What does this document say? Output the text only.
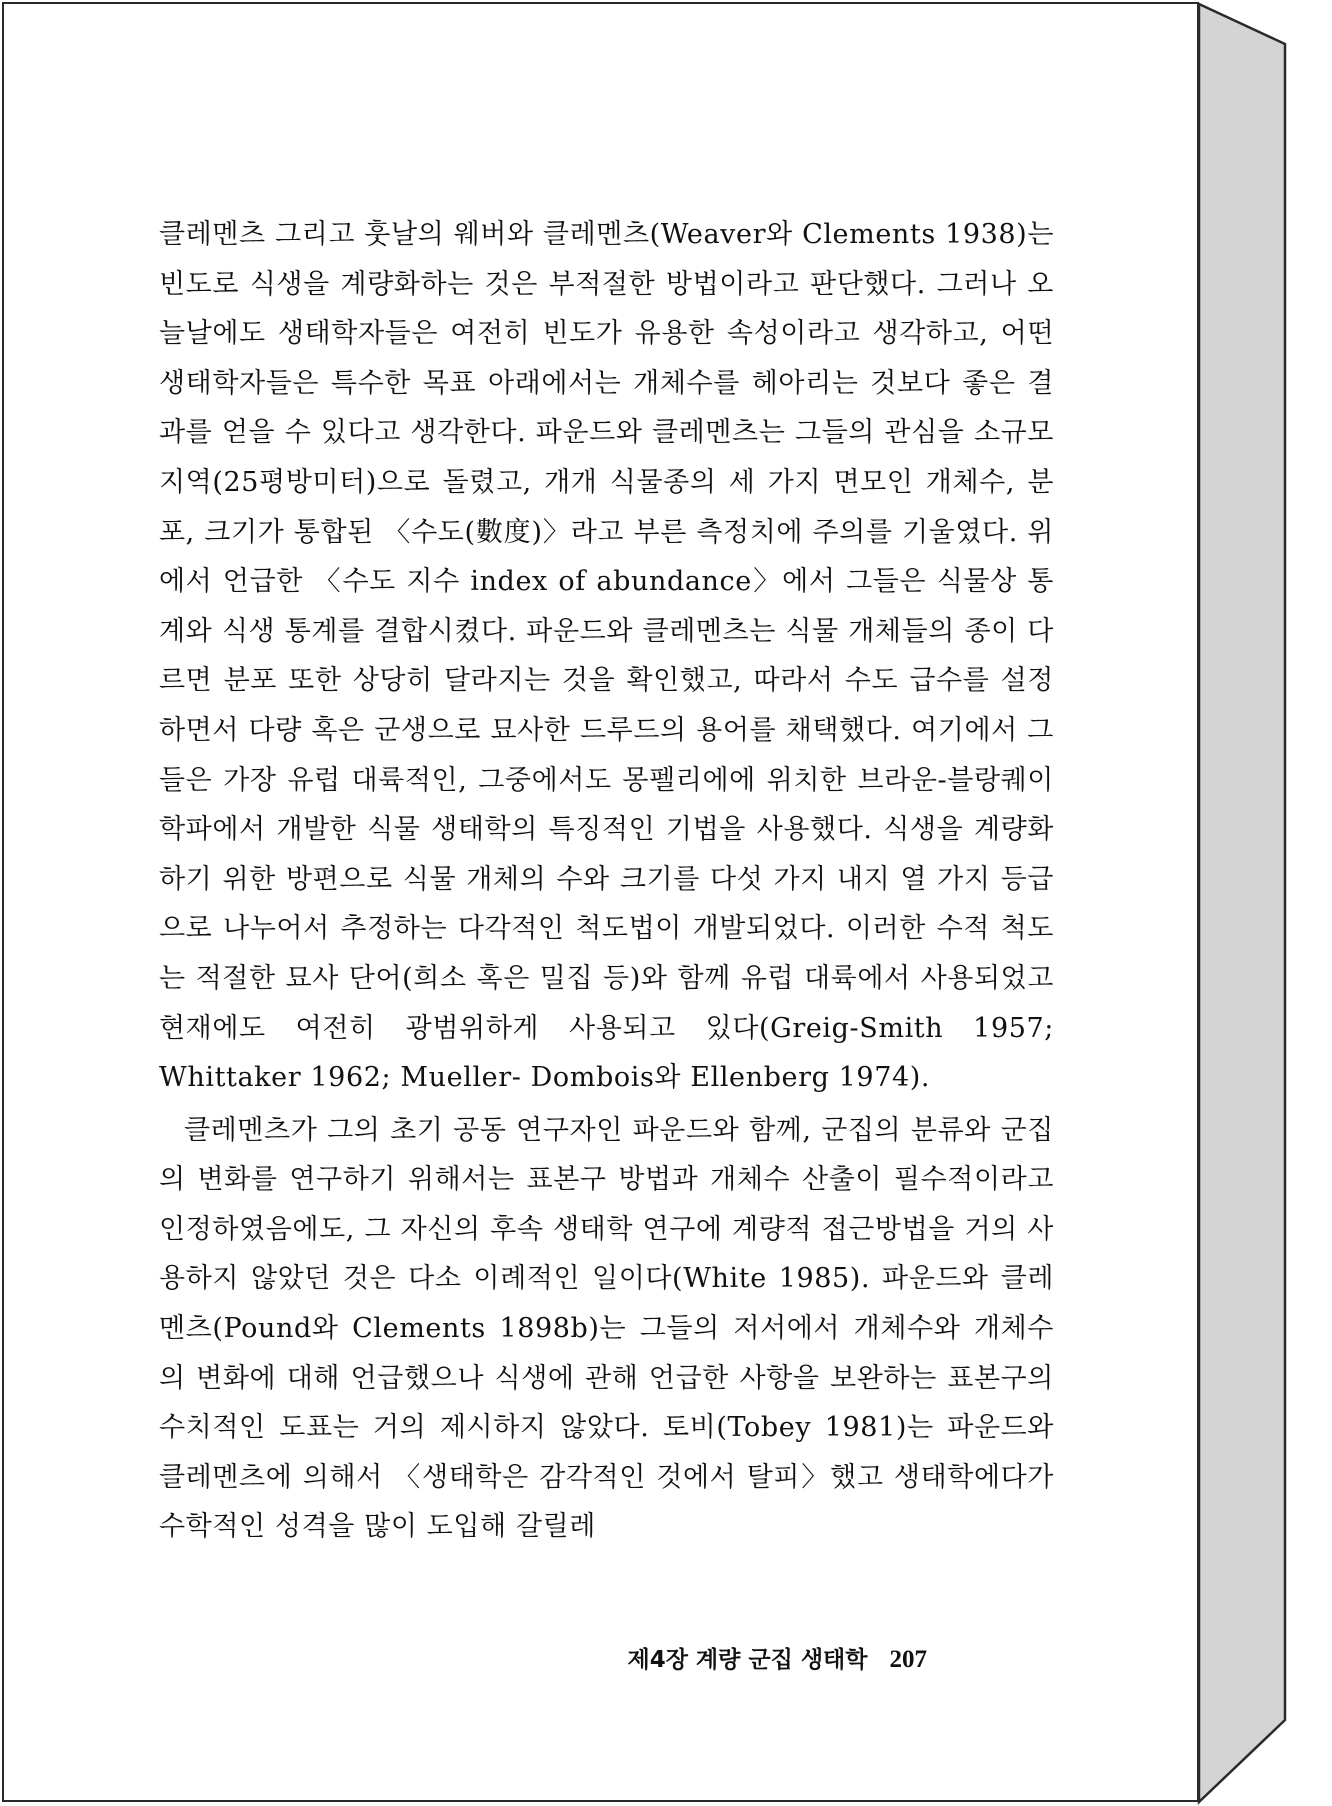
클레멘츠 그리고 훗날의 웨버와 클레멘츠(Weaver와 Clements 1938)는 빈도로 식생을 계량화하는 것은 부적절한 방법이라고 판단했다. 그러나 오늘날에도 생태학자들은 여전히 빈도가 유용한 속성이라고 생각하고, 어떤 생태학자들은 특수한 목표 아래에서는 개체수를 헤아리는 것보다 좋은 결과를 얻을 수 있다고 생각한다. 파운드와 클레멘츠는 그들의 관심을 소규모 지역(25평방미터)으로 돌렸고, 개개 식물종의 세 가지 면모인 개체수, 분포, 크기가 통합된 〈수도(數度)〉라고 부른 측정치에 주의를 기울였다. 위에서 언급한 〈수도 지수 index of abundance〉에서 그들은 식물상 통계와 식생 통계를 결합시켰다. 파운드와 클레멘츠는 식물 개체들의 종이 다르면 분포 또한 상당히 달라지는 것을 확인했고, 따라서 수도 급수를 설정하면서 다량 혹은 군생으로 묘사한 드루드의 용어를 채택했다. 여기에서 그들은 가장 유럽 대륙적인, 그중에서도 몽펠리에에 위치한 브라운-블랑퀘이 학파에서 개발한 식물 생태학의 특징적인 기법을 사용했다. 식생을 계량화하기 위한 방편으로 식물 개체의 수와 크기를 다섯 가지 내지 열 가지 등급으로 나누어서 추정하는 다각적인 척도법이 개발되었다. 이러한 수적 척도는 적절한 묘사 단어(희소 혹은 밀집 등)와 함께 유럽 대륙에서 사용되었고 현재에도 여전히 광범위하게 사용되고 있다(Greig-Smith 1957; Whittaker 1962; Mueller- Dombois와 Ellenberg 1974).

클레멘츠가 그의 초기 공동 연구자인 파운드와 함께, 군집의 분류와 군집의 변화를 연구하기 위해서는 표본구 방법과 개체수 산출이 필수적이라고 인정하였음에도, 그 자신의 후속 생태학 연구에 계량적 접근방법을 거의 사용하지 않았던 것은 다소 이례적인 일이다(White 1985). 파운드와 클레멘츠(Pound와 Clements 1898b)는 그들의 저서에서 개체수와 개체수의 변화에 대해 언급했으나 식생에 관해 언급한 사항을 보완하는 표본구의 수치적인 도표는 거의 제시하지 않았다. 토비(Tobey 1981)는 파운드와 클레멘츠에 의해서 〈생태학은 감각적인 것에서 탈피〉했고 생태학에다가 수학적인 성격을 많이 도입해 갈릴레

제4장 계량 군집 생태학 207
